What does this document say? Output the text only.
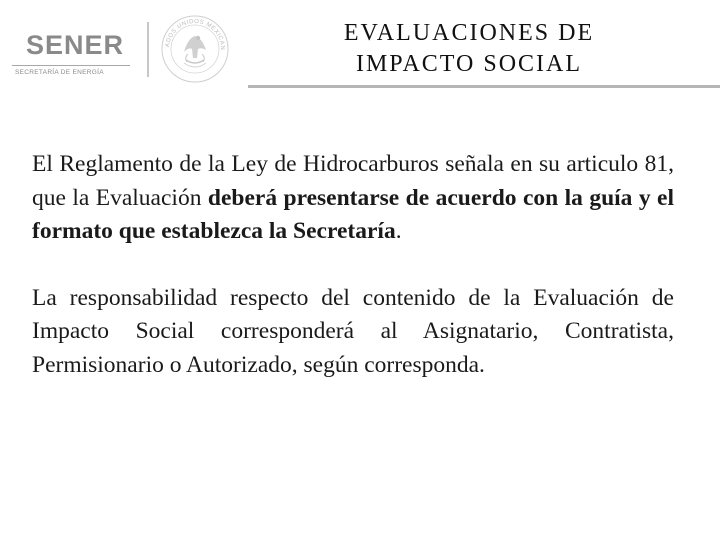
SENER
SECRETARÍA DE ENERGÍA
ADOS UNIDOS MEXICAN
EVALUACIONES DE
IMPACTO SOCIAL

El Reglamento de la Ley de Hidrocarburos señala en su articulo 81, que la Evaluación deberá presentarse de acuerdo con la guía y el formato que establezca la Secretaría.

La responsabilidad respecto del contenido de la Evaluación de Impacto Social corresponderá al Asignatario, Contratista, Permisionario o Autorizado, según corresponda.
